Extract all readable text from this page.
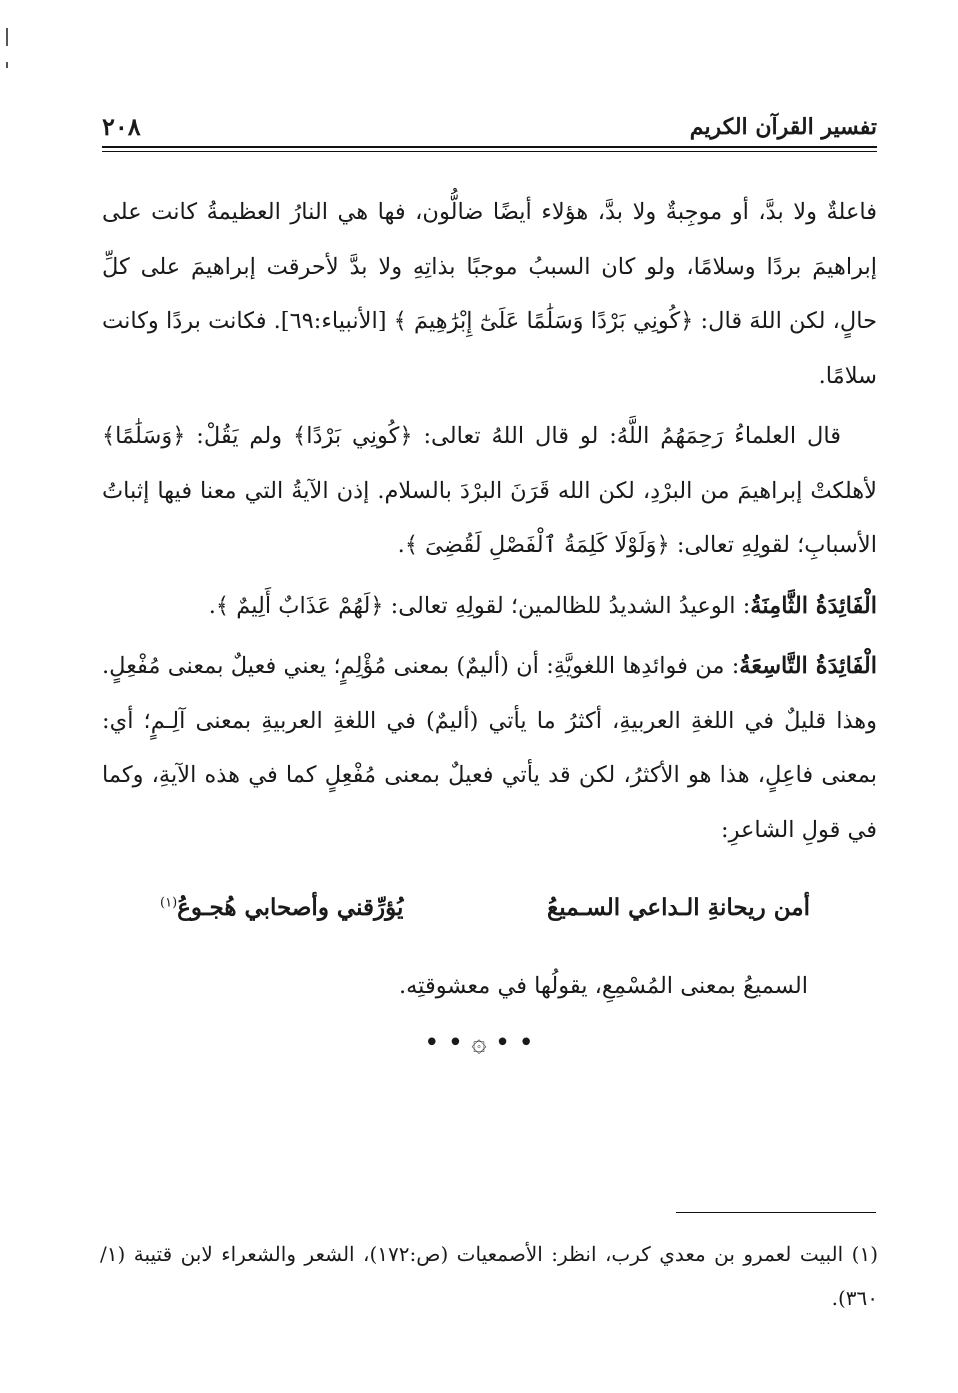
تفسير القرآن الكريم
٢٠٨

فاعلةٌ ولا بدَّ، أو موجِبةٌ ولا بدَّ، هؤلاء أيضًا ضالُّون، فها هي النارُ العظيمةُ كانت على إبراهيمَ بردًا وسلامًا، ولو كان السببُ موجبًا بذاتِهِ ولا بدَّ لأحرقت إبراهيمَ على كلِّ حالٍ، لكن اللهَ قال: ﴿كُونِي بَرْدًا وَسَلَٰمًا عَلَىٰٓ إِبْرَٰهِيمَ ﴾ [الأنبياء:٦٩]. فكانت بردًا وكانت سلامًا.

قال العلماءُ رَحِمَهُمُ اللَّهُ: لو قال اللهُ تعالى: ﴿كُونِي بَرْدًا﴾ ولم يَقُلْ: ﴿وَسَلَٰمًا﴾ لأهلكتْ إبراهيمَ من البرْدِ، لكن الله قَرَنَ البرْدَ بالسلام. إذن الآيةُ التي معنا فيها إثباتُ الأسبابِ؛ لقولِهِ تعالى: ﴿وَلَوْلَا كَلِمَةُ ٱلْفَصْلِ لَقُضِىَ ﴾.

الْفَائِدَةُ الثَّامِنَةُ: الوعيدُ الشديدُ للظالمين؛ لقولِهِ تعالى: ﴿لَهُمْ عَذَابٌ أَلِيمٌ ﴾.

الْفَائِدَةُ التَّاسِعَةُ: من فوائدِها اللغويَّةِ: أن (أليمٌ) بمعنى مُؤْلِمٍ؛ يعني فعيلٌ بمعنى مُفْعِلٍ. وهذا قليلٌ في اللغةِ العربيةِ، أكثرُ ما يأتي (أليمٌ) في اللغةِ العربيةِ بمعنى آلِـمٍ؛ أي: بمعنى فاعِلٍ، هذا هو الأكثرُ، لكن قد يأتي فعيلٌ بمعنى مُفْعِلٍ كما في هذه الآيةِ، وكما في قولِ الشاعرِ:

أمن ريحانةِ الـداعي السـميعُ
يُؤرِّقني وأصحابي هُجـوعُ$^{(١)}$
السميعُ بمعنى المُسْمِعِ، يقولُها في معشوقتِه.
• • ۞ • •

(١) البيت لعمرو بن معدي كرب، انظر: الأصمعيات (ص:١٧٢)، الشعر والشعراء لابن قتيبة (١/ ٣٦٠).
